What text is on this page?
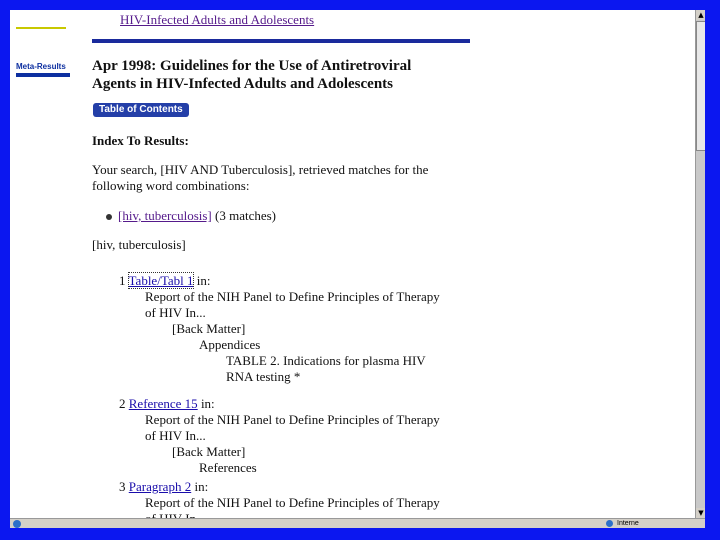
Meta-Results
HIV-Infected Adults and Adolescents
Apr 1998: Guidelines for the Use of Antiretroviral
Agents in HIV-Infected Adults and Adolescents
Table of Contents
Index To Results:
Your search, [HIV AND Tuberculosis], retrieved matches for the
following word combinations:
[hiv, tuberculosis] (3 matches)
[hiv, tuberculosis]
1 Table/Tabl 1 in:
Report of the NIH Panel to Define Principles of Therapy
of HIV In...
[Back Matter]
Appendices
TABLE 2. Indications for plasma HIV
RNA testing *
2 Reference 15 in:
Report of the NIH Panel to Define Principles of Therapy
of HIV In...
[Back Matter]
References
3 Paragraph 2 in:
Report of the NIH Panel to Define Principles of Therapy
▲
▼
Interne
